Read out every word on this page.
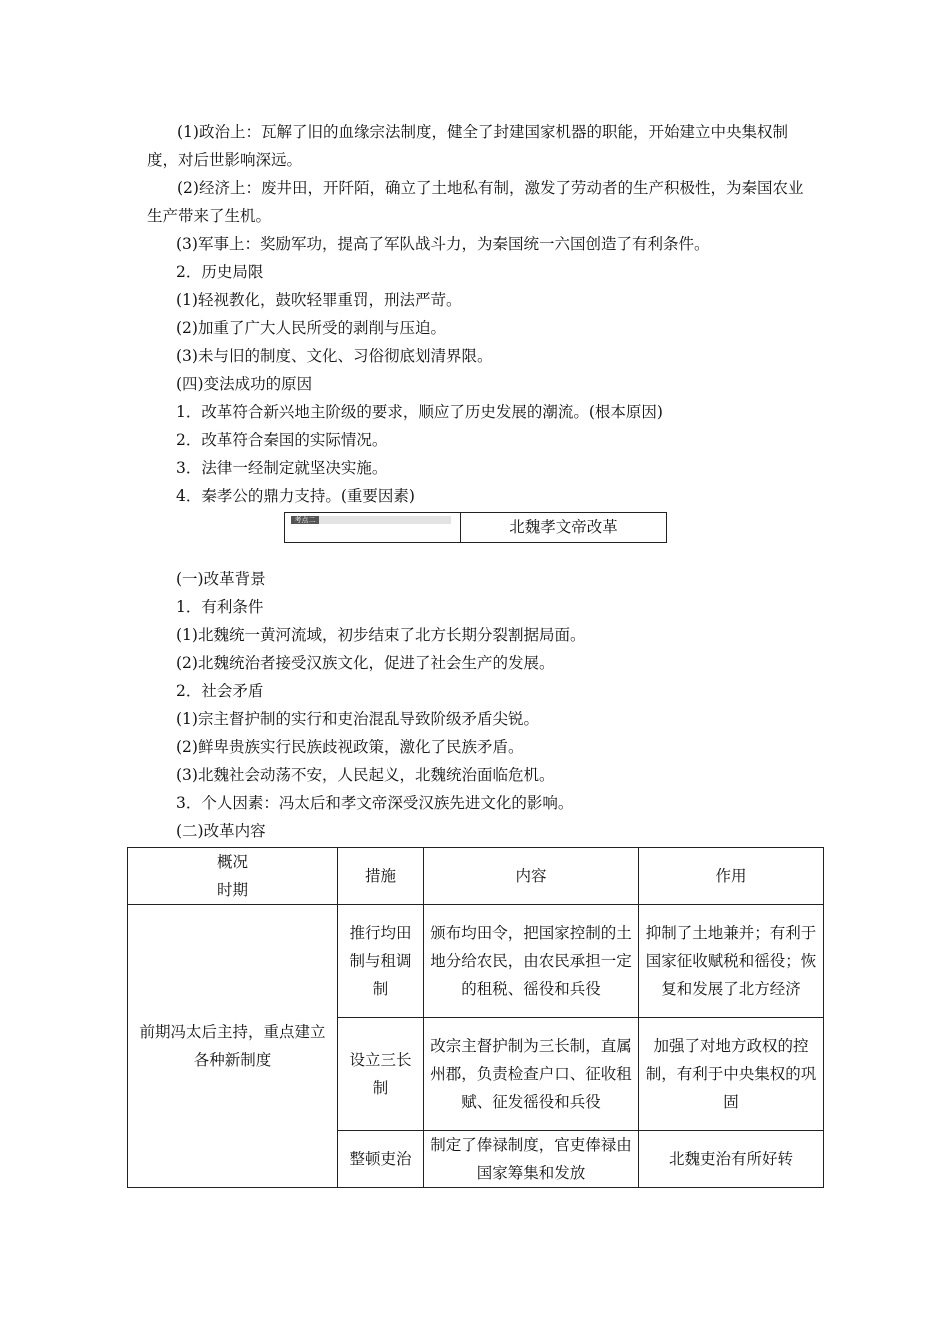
(1)政治上：瓦解了旧的血缘宗法制度，健全了封建国家机器的职能，开始建立中央集权制度，对后世影响深远。
(2)经济上：废井田，开阡陌，确立了土地私有制，激发了劳动者的生产积极性，为秦国农业生产带来了生机。
(3)军事上：奖励军功，提高了军队战斗力，为秦国统一六国创造了有利条件。
2．历史局限
(1)轻视教化，鼓吹轻罪重罚，刑法严苛。
(2)加重了广大人民所受的剥削与压迫。
(3)未与旧的制度、文化、习俗彻底划清界限。
(四)变法成功的原因
1．改革符合新兴地主阶级的要求，顺应了历史发展的潮流。(根本原因)
2．改革符合秦国的实际情况。
3．法律一经制定就坚决实施。
4．秦孝公的鼎力支持。(重要因素)
考点二	北魏孝文帝改革
(一)改革背景
1．有利条件
(1)北魏统一黄河流域，初步结束了北方长期分裂割据局面。
(2)北魏统治者接受汉族文化，促进了社会生产的发展。
2．社会矛盾
(1)宗主督护制的实行和吏治混乱导致阶级矛盾尖锐。
(2)鲜卑贵族实行民族歧视政策，激化了民族矛盾。
(3)北魏社会动荡不安，人民起义，北魏统治面临危机。
3．个人因素：冯太后和孝文帝深受汉族先进文化的影响。
(二)改革内容
概况
时期	措施	内容	作用
前期冯太后主持，重点建立各种新制度	推行均田制与租调制	颁布均田令，把国家控制的土地分给农民，由农民承担一定的租税、徭役和兵役	抑制了土地兼并；有利于国家征收赋税和徭役；恢复和发展了北方经济
	设立三长制	改宗主督护制为三长制，直属州郡，负责检查户口、征收租赋、征发徭役和兵役	加强了对地方政权的控制，有利于中央集权的巩固
	整顿吏治	制定了俸禄制度，官吏俸禄由国家筹集和发放	北魏吏治有所好转
